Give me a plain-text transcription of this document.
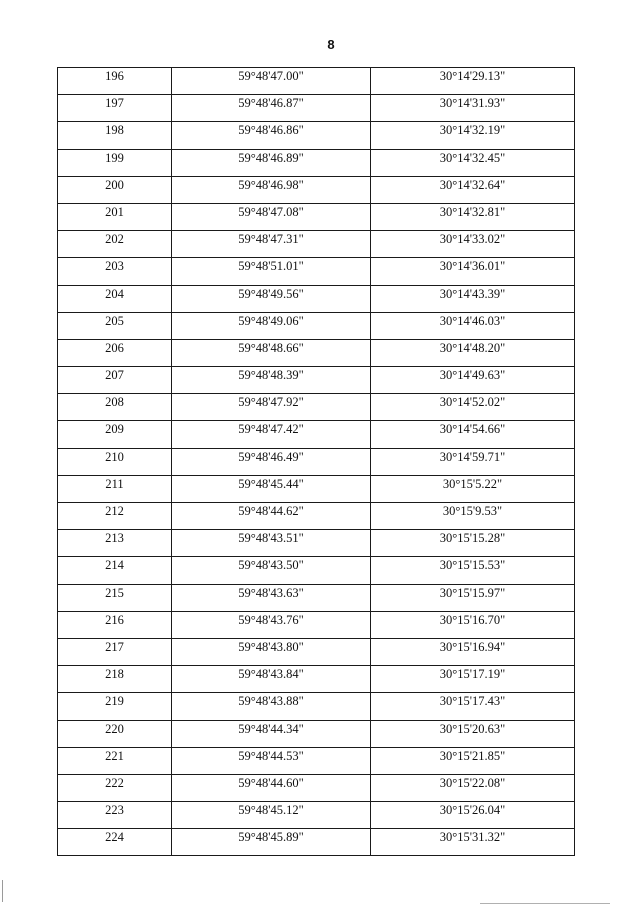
8
196	59°48'47.00"	30°14'29.13"
197	59°48'46.87"	30°14'31.93"
198	59°48'46.86"	30°14'32.19"
199	59°48'46.89"	30°14'32.45"
200	59°48'46.98"	30°14'32.64"
201	59°48'47.08"	30°14'32.81"
202	59°48'47.31"	30°14'33.02"
203	59°48'51.01"	30°14'36.01"
204	59°48'49.56"	30°14'43.39"
205	59°48'49.06"	30°14'46.03"
206	59°48'48.66"	30°14'48.20"
207	59°48'48.39"	30°14'49.63"
208	59°48'47.92"	30°14'52.02"
209	59°48'47.42"	30°14'54.66"
210	59°48'46.49"	30°14'59.71"
211	59°48'45.44"	30°15'5.22"
212	59°48'44.62"	30°15'9.53"
213	59°48'43.51"	30°15'15.28"
214	59°48'43.50"	30°15'15.53"
215	59°48'43.63"	30°15'15.97"
216	59°48'43.76"	30°15'16.70"
217	59°48'43.80"	30°15'16.94"
218	59°48'43.84"	30°15'17.19"
219	59°48'43.88"	30°15'17.43"
220	59°48'44.34"	30°15'20.63"
221	59°48'44.53"	30°15'21.85"
222	59°48'44.60"	30°15'22.08"
223	59°48'45.12"	30°15'26.04"
224	59°48'45.89"	30°15'31.32"
